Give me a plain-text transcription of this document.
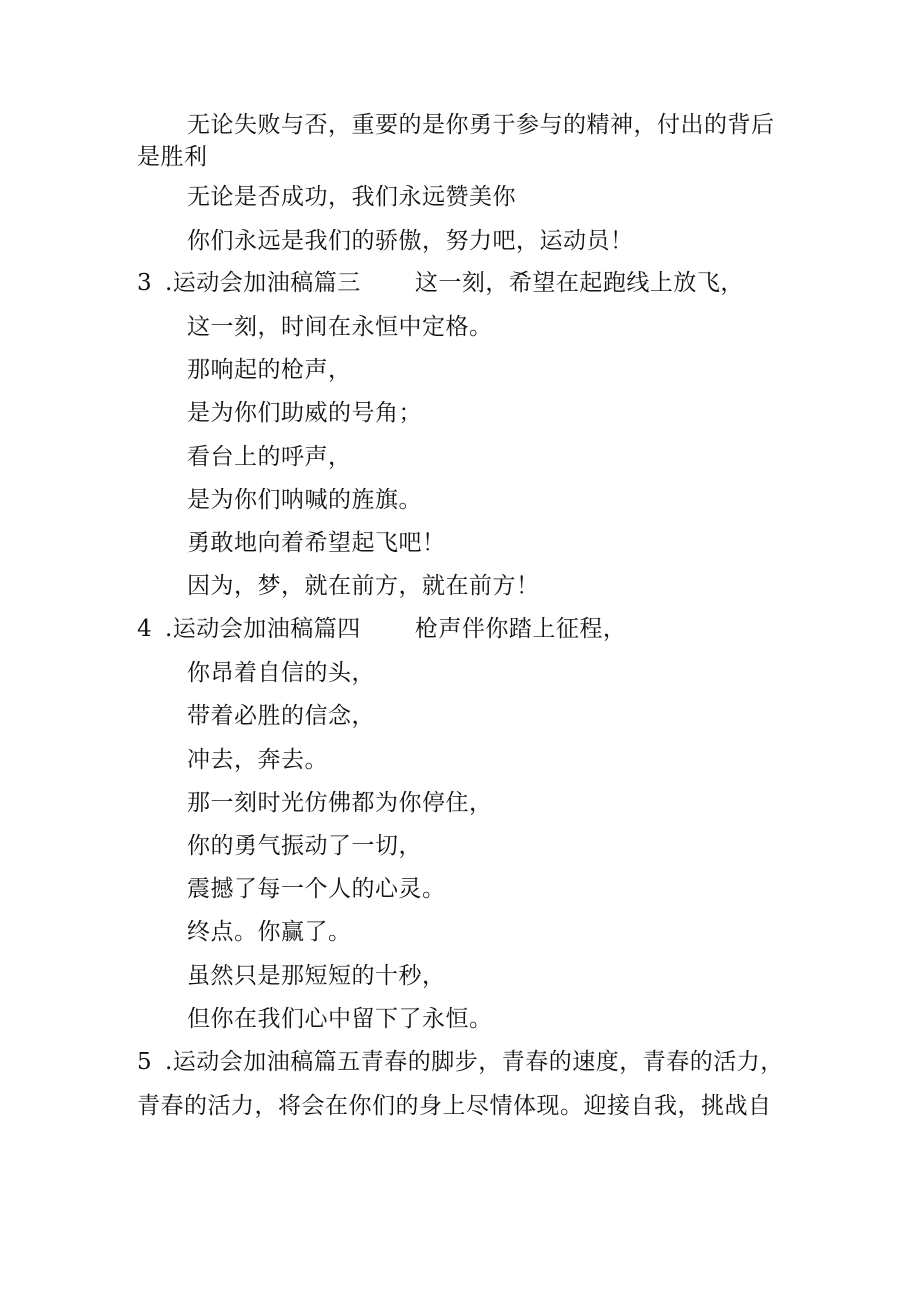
无论失败与否，重要的是你勇于参与的精神，付出的背后
是胜利
无论是否成功，我们永远赞美你
你们永远是我们的骄傲，努力吧，运动员！
3 .运动会加油稿篇三 这一刻，希望在起跑线上放飞，
这一刻，时间在永恒中定格。
那响起的枪声，
是为你们助威的号角；
看台上的呼声，
是为你们呐喊的旌旗。
勇敢地向着希望起飞吧！
因为，梦，就在前方，就在前方！
4 .运动会加油稿篇四 枪声伴你踏上征程，
你昂着自信的头，
带着必胜的信念，
冲去，奔去。
那一刻时光仿佛都为你停住，
你的勇气振动了一切，
震撼了每一个人的心灵。
终点。你赢了。
虽然只是那短短的十秒，
但你在我们心中留下了永恒。
5 .运动会加油稿篇五青春的脚步，青春的速度，青春的活力，
青春的活力，将会在你们的身上尽情体现。迎接自我，挑战自
